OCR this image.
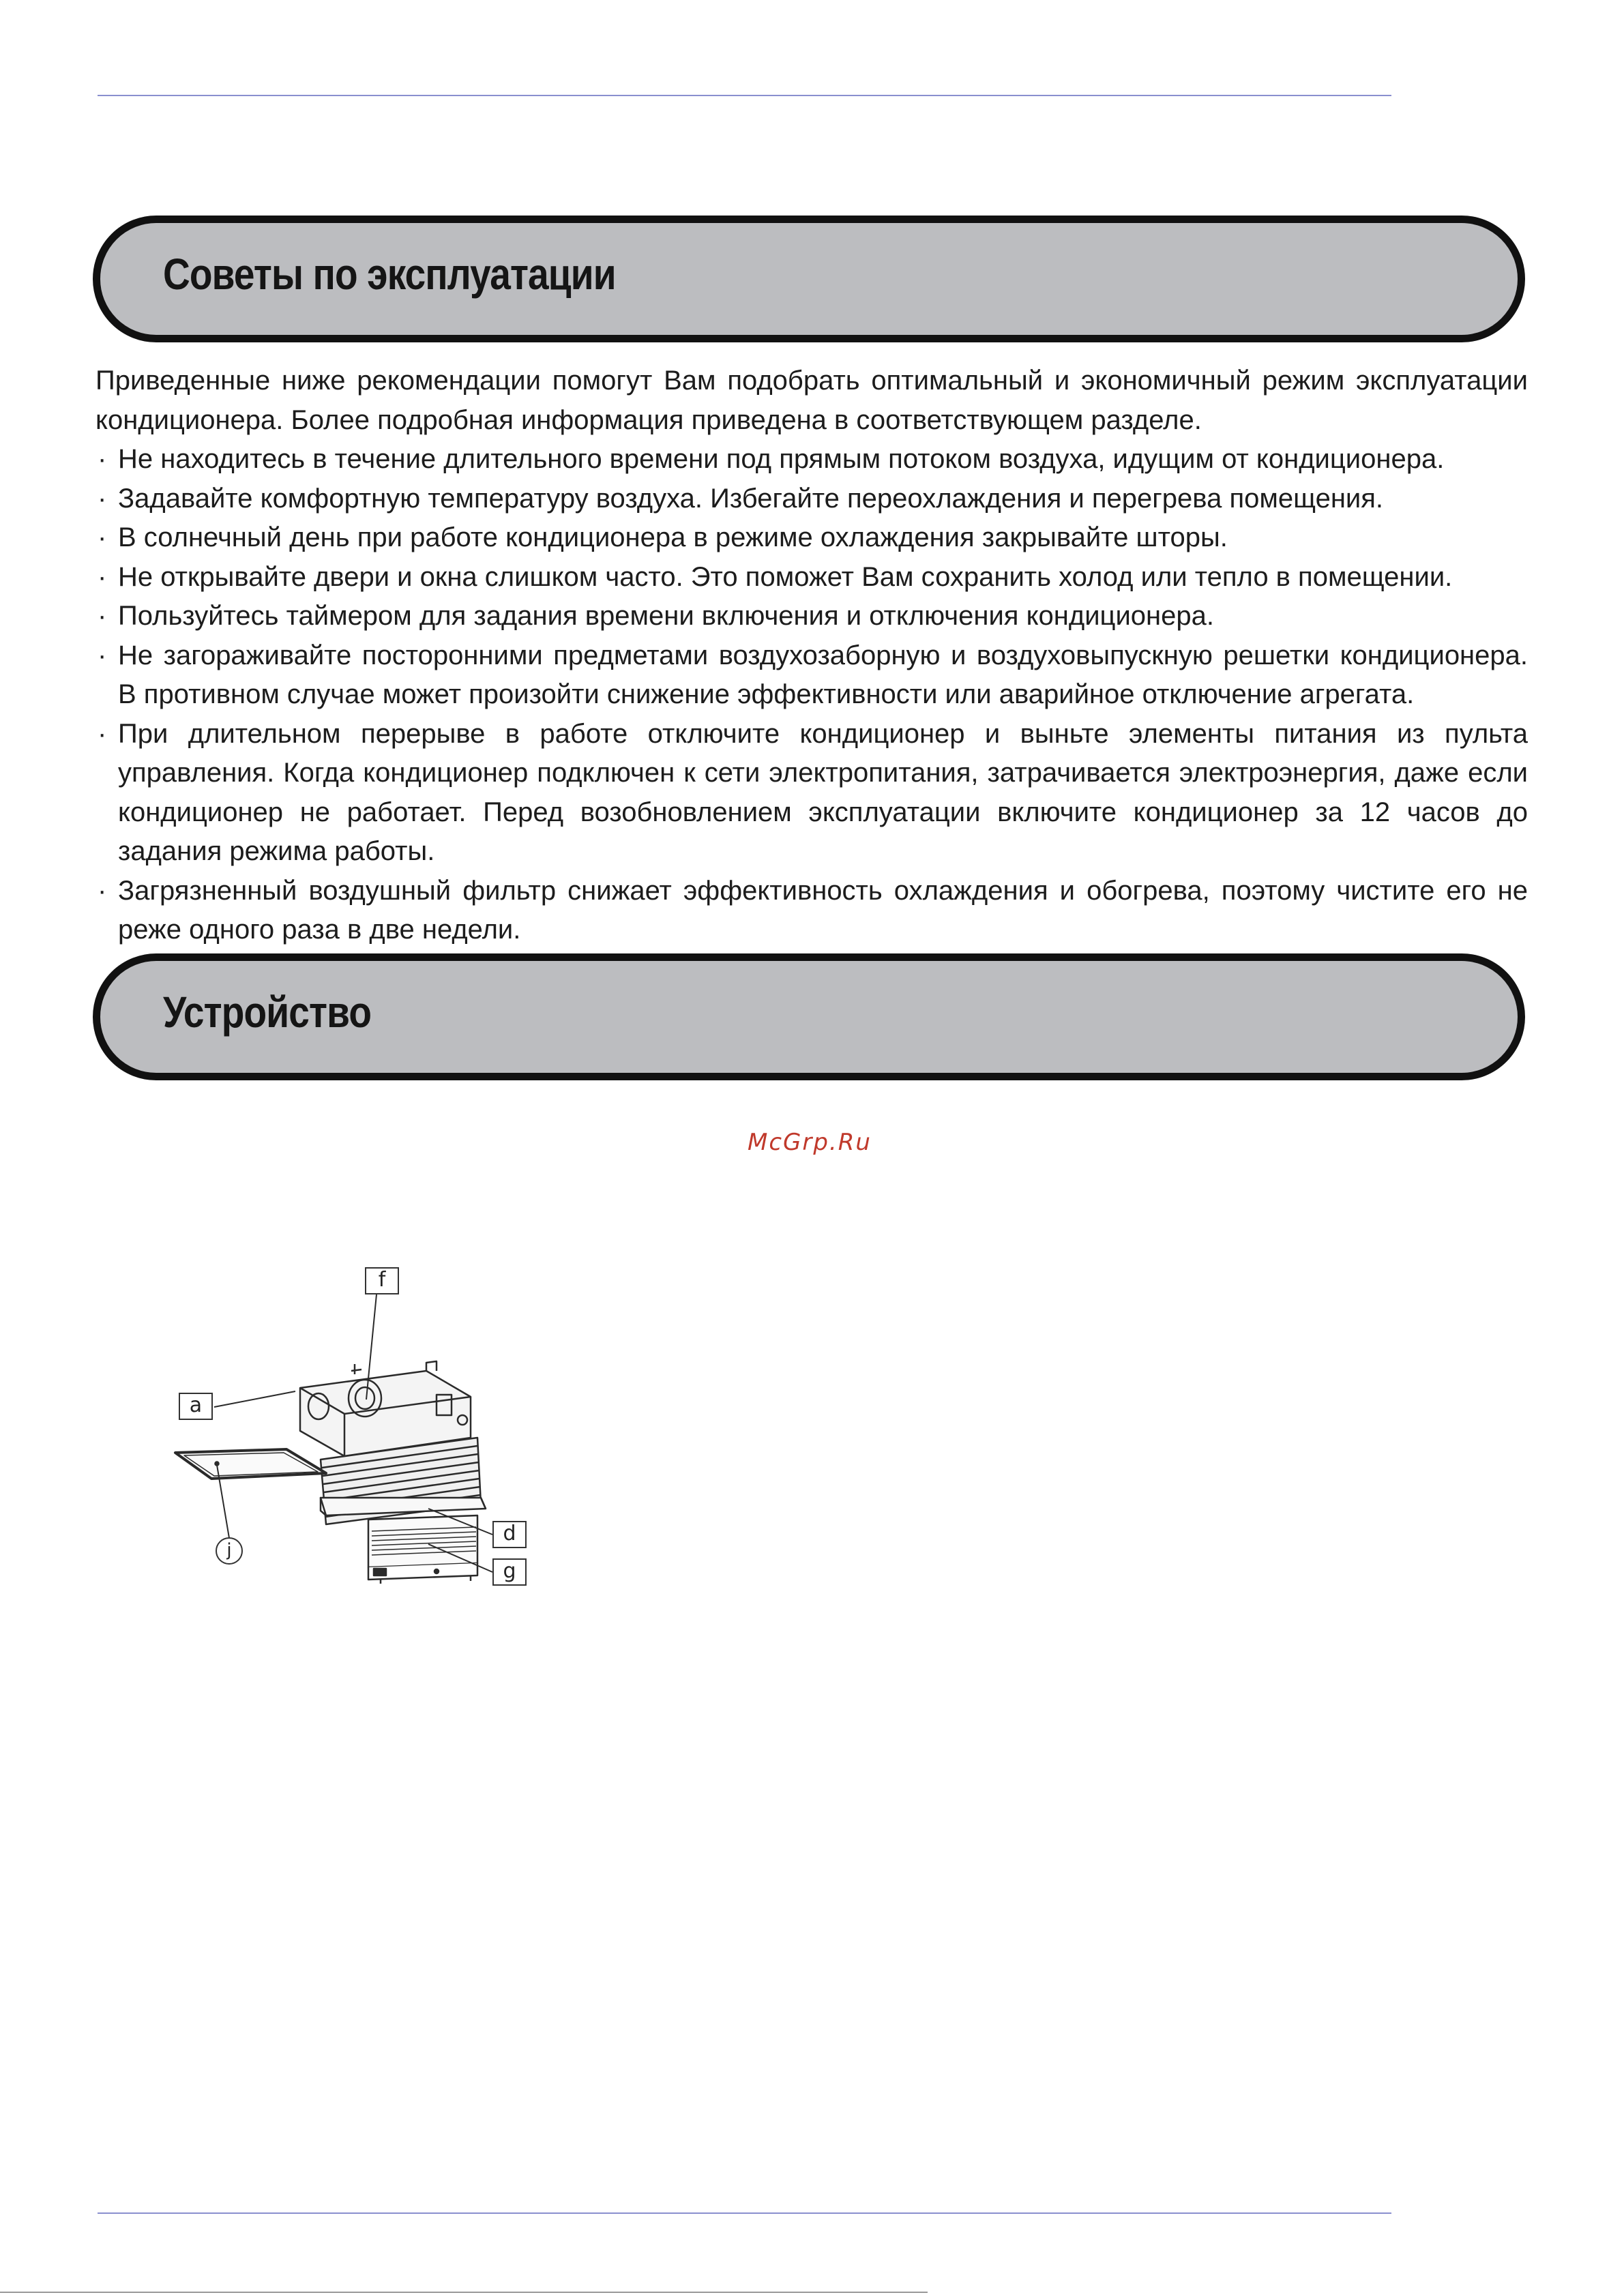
Советы по эксплуатации

Приведенные ниже рекомендации помогут Вам подобрать оптимальный и экономичный режим эксплуатации кондиционера. Более подробная информация приведена в соответствующем разделе.

· Не находитесь в течение длительного времени под прямым потоком воздуха, идущим от кондиционера.
· Задавайте комфортную температуру воздуха. Избегайте переохлаждения и перегрева помещения.
· В солнечный день при работе кондиционера в режиме охлаждения закрывайте шторы.
· Не открывайте двери и окна слишком часто. Это поможет Вам сохранить холод или тепло в помещении.
· Пользуйтесь таймером для задания времени включения и отключения кондиционера.
· Не загораживайте посторонними предметами воздухозаборную и воздуховыпускную решетки кондиционера. В противном случае может произойти снижение эффективности или аварийное отключение агрегата.
· При длительном перерыве в работе отключите кондиционер и выньте элементы питания из пульта управления. Когда кондиционер подключен к сети электропитания, затрачивается электроэнергия, даже если кондиционер не работает. Перед возобновлением эксплуатации включите кондиционер за 12 часов до задания режима работы.
· Загрязненный воздушный фильтр снижает эффективность охлаждения и обогрева, поэтому чистите его не реже одного раза в две недели.
Устройство
McGrp.Ru
f
a
d
g
j
